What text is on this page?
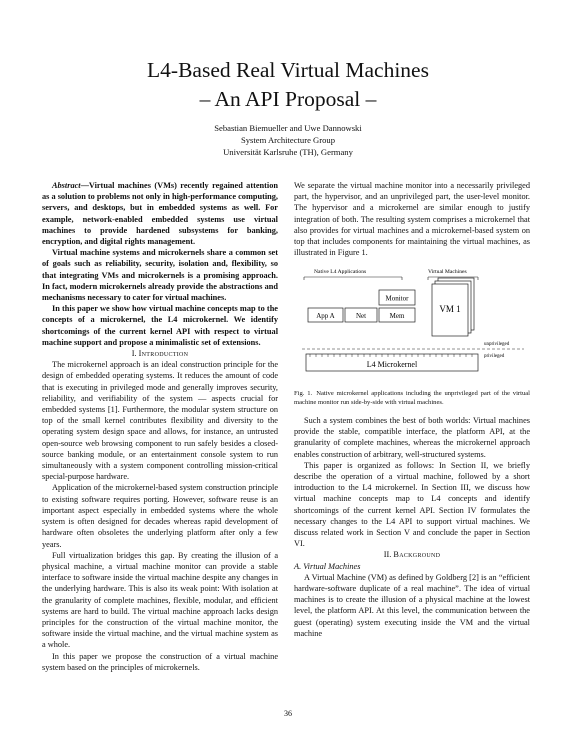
L4-Based Real Virtual Machines
– An API Proposal –
Sebastian Biemueller and Uwe Dannowski
System Architecture Group
Universität Karlsruhe (TH), Germany

Abstract—Virtual machines (VMs) recently regained attention as a solution to problems not only in high-performance computing, servers, and desktops, but in embedded systems as well. For example, network-enabled embedded systems use virtual machines to provide hardened subsystems for banking, encryption, and digital rights management.

Virtual machine systems and microkernels share a common set of goals such as reliability, security, isolation and, flexibility, so that integrating VMs and microkernels is a promising approach. In fact, modern microkernels already provide the abstractions and mechanisms necessary to cater for virtual machines.

In this paper we show how virtual machine concepts map to the concepts of a microkernel, the L4 microkernel. We identify shortcomings of the current kernel API with respect to virtual machine support and propose a minimalistic set of extensions.

I. Introduction

The microkernel approach is an ideal construction principle for the design of embedded operating systems. It reduces the amount of code that is executing in privileged mode and generally improves security, reliability, and verifiability of the system — aspects crucial for embedded systems [1]. Furthermore, the modular system structure on top of the small kernel contributes flexibility and diversity to the operating system design space and allows, for instance, an untrusted open-source web browsing component to run safely besides a closed-source banking module, or an entertainment console system to run simultaneously with a system component controlling mission-critical special-purpose hardware.

Application of the microkernel-based system construction principle to existing software requires porting. However, software reuse is an important aspect especially in embedded systems where the whole system is often designed for decades whereas rapid development of hardware often obsoletes the underlying platform after only a few years.

Full virtualization bridges this gap. By creating the illusion of a physical machine, a virtual machine monitor can provide a stable interface to software inside the virtual machine despite any changes in the underlying hardware. This is also its weak point: With isolation at the granularity of complete machines, flexible, modular, and efficient systems are hard to build. The virtual machine approach lacks design principles for the construction of the virtual machine monitor, the software inside the virtual machine, and the virtual machine system as a whole.

In this paper we propose the construction of a virtual machine system based on the principles of microkernels.

We separate the virtual machine monitor into a necessarily privileged part, the hypervisor, and an unprivileged part, the user-level monitor. The hypervisor and a microkernel are similar enough to justify integration of both. The resulting system comprises a microkernel that also provides for virtual machines and a microkernel-based system on top that includes components for maintaining the virtual machines, as illustrated in Figure 1.

Native L4 Applications	Virtual Machines
Monitor
VM 1
App A	Net	Mem
unprivileged
privileged
L4 Microkernel
Fig. 1. Native microkernel applications including the unprivileged part of the virtual machine monitor run side-by-side with virtual machines.

Such a system combines the best of both worlds: Virtual machines provide the stable, compatible interface, the platform API, at the granularity of complete machines, whereas the microkernel approach enables construction of arbitrary, well-structured systems.

This paper is organized as follows: In Section II, we briefly describe the operation of a virtual machine, followed by a short introduction to the L4 microkernel. In Section III, we discuss how virtual machine concepts map to L4 concepts and identify shortcomings of the current kernel API. Section IV formulates the necessary changes to the L4 API to support virtual machines. We discuss related work in Section V and conclude the paper in Section VI.

II. Background

A. Virtual Machines

A Virtual Machine (VM) as defined by Goldberg [2] is an “efficient hardware-software duplicate of a real machine”. The idea of virtual machines is to create the illusion of a physical machine at the lowest level, the platform API. At this level, the communication between the guest (operating) system executing inside the VM and the virtual machine

36
